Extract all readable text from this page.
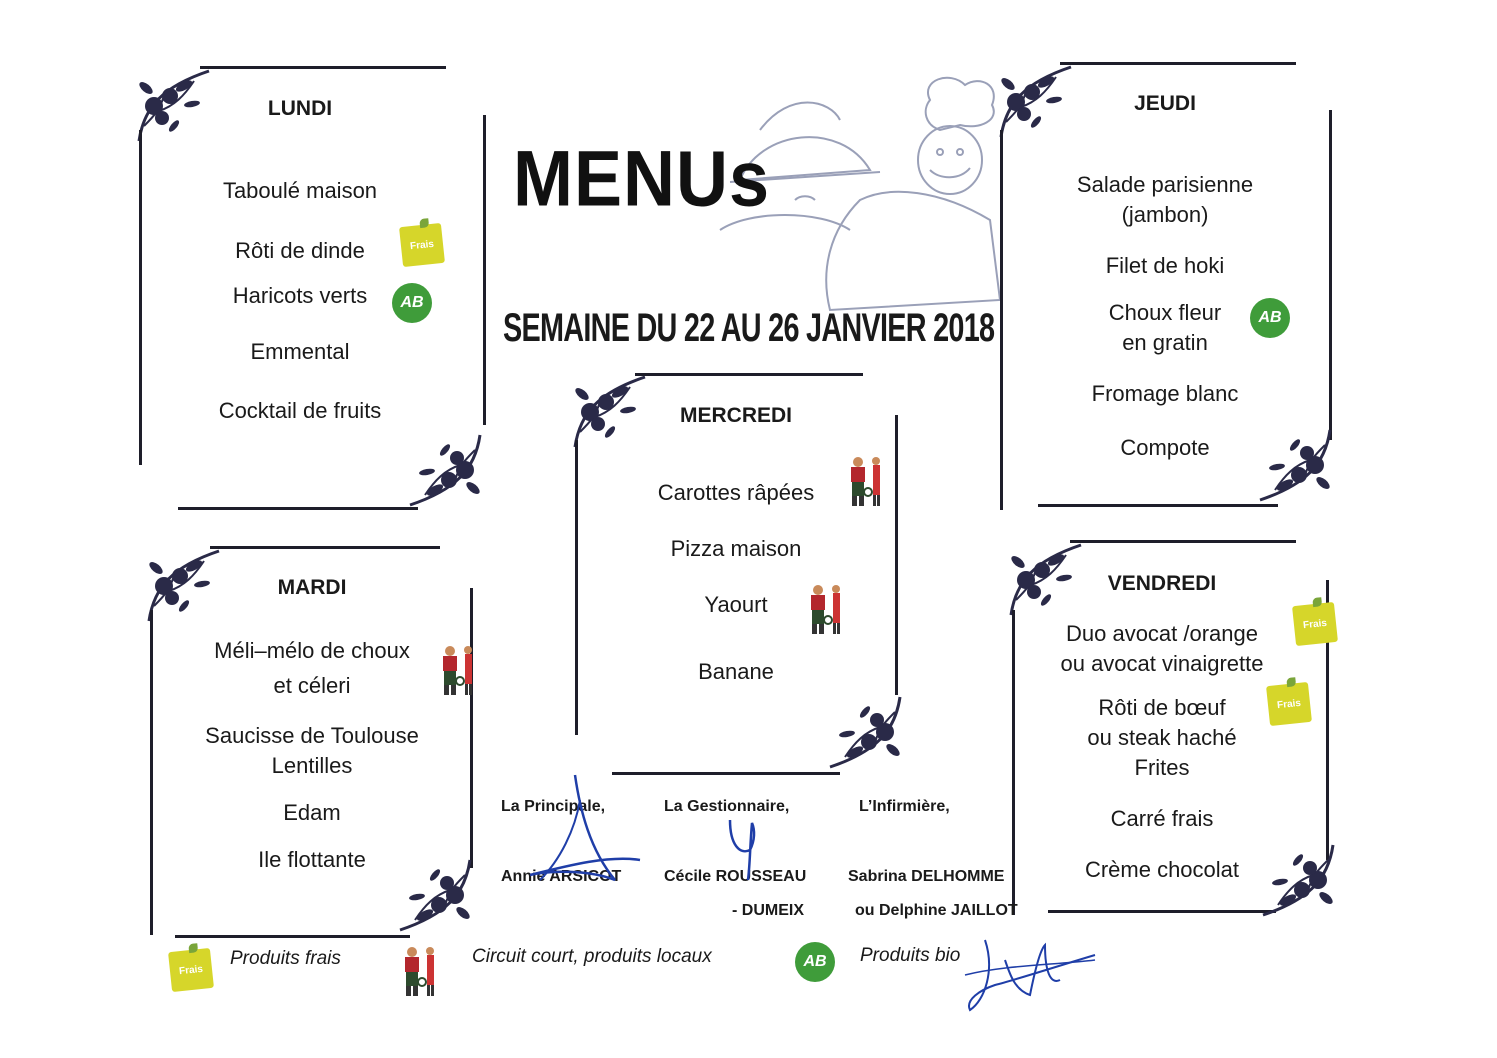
MENUs
SEMAINE DU 22 AU 26 JANVIER 2018
LUNDI
Taboulé maison
Rôti de dinde
Haricots verts
Emmental
Cocktail de fruits
Frais
AB
MARDI
Méli–mélo de choux
et céleri
Saucisse de Toulouse
Lentilles
Edam
Ile flottante
MERCREDI
Carottes râpées
Pizza maison
Yaourt
Banane
JEUDI
Salade parisienne
(jambon)
Filet de hoki
Choux fleur
en gratin
Fromage blanc
Compote
AB
VENDREDI
Duo avocat /orange
ou avocat vinaigrette
Rôti de bœuf
ou steak haché
Frites
Carré frais
Crème chocolat
Frais
Frais
La Principale,
Annie ARSICOT
La Gestionnaire,
Cécile ROUSSEAU
- DUMEIX
L’Infirmière,
Sabrina DELHOMME
ou Delphine JAILLOT
Frais
Produits frais	Circuit court, produits locaux	AB	Produits bio
